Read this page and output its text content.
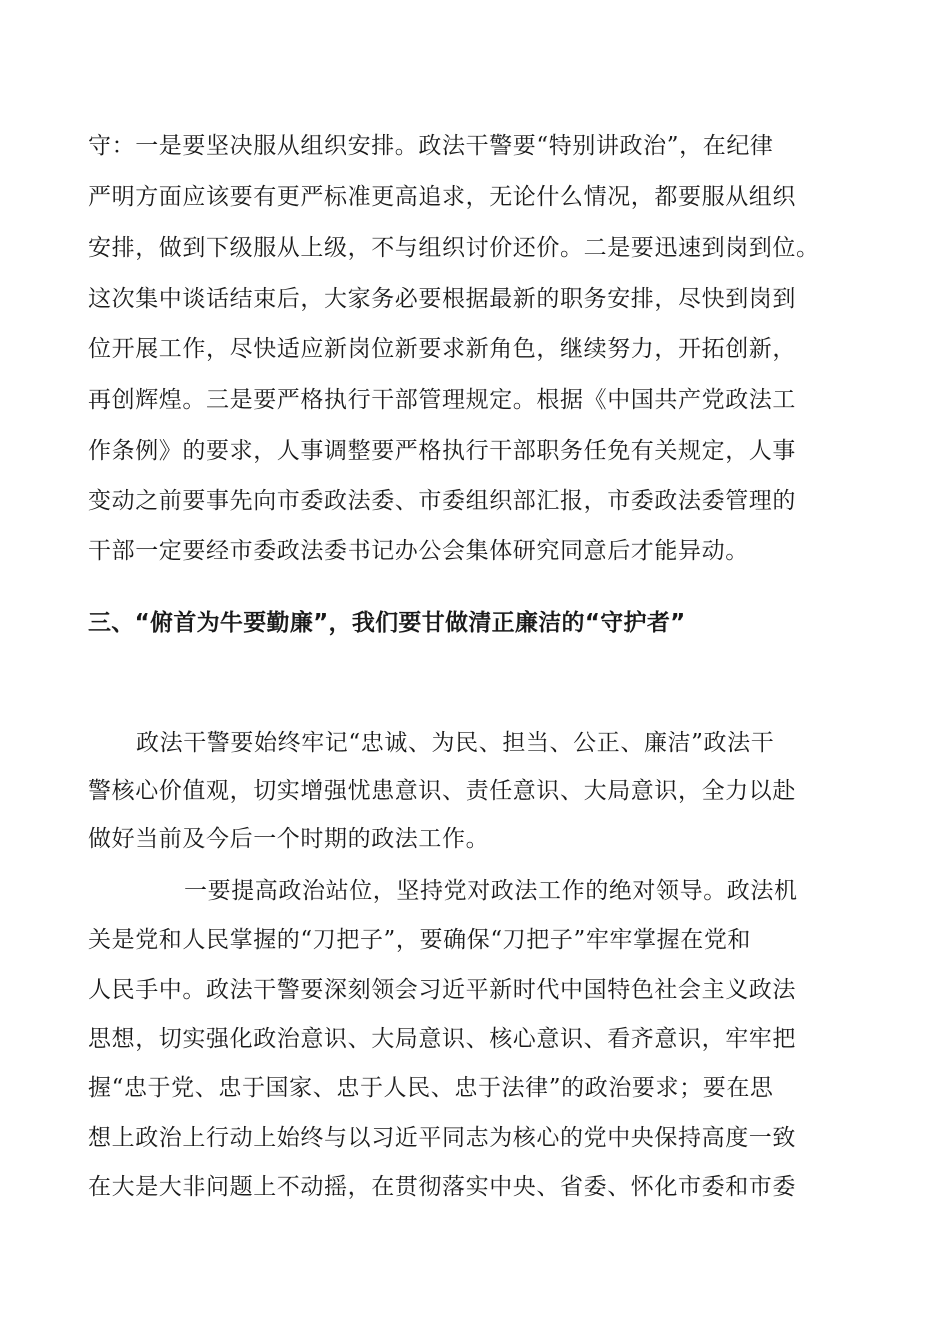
守：一是要坚决服从组织安排。政法干警要“特别讲政治”，在纪律
严明方面应该要有更严标准更高追求，无论什么情况，都要服从组织
安排，做到下级服从上级，不与组织讨价还价。二是要迅速到岗到位。
这次集中谈话结束后，大家务必要根据最新的职务安排，尽快到岗到
位开展工作，尽快适应新岗位新要求新角色，继续努力，开拓创新，
再创辉煌。三是要严格执行干部管理规定。根据《中国共产党政法工
作条例》的要求，人事调整要严格执行干部职务任免有关规定，人事
变动之前要事先向市委政法委、市委组织部汇报，市委政法委管理的
干部一定要经市委政法委书记办公会集体研究同意后才能异动。
三、“俯首为牛要勤廉”，我们要甘做清正廉洁的“守护者”
政法干警要始终牢记“忠诚、为民、担当、公正、廉洁”政法干
警核心价值观，切实增强忧患意识、责任意识、大局意识，全力以赴
做好当前及今后一个时期的政法工作。
一要提高政治站位，坚持党对政法工作的绝对领导。政法机
关是党和人民掌握的“刀把子”，要确保“刀把子”牢牢掌握在党和
人民手中。政法干警要深刻领会习近平新时代中国特色社会主义政法
思想，切实强化政治意识、大局意识、核心意识、看齐意识，牢牢把
握“忠于党、忠于国家、忠于人民、忠于法律”的政治要求；要在思
想上政治上行动上始终与以习近平同志为核心的党中央保持高度一致
在大是大非问题上不动摇，在贯彻落实中央、省委、怀化市委和市委
